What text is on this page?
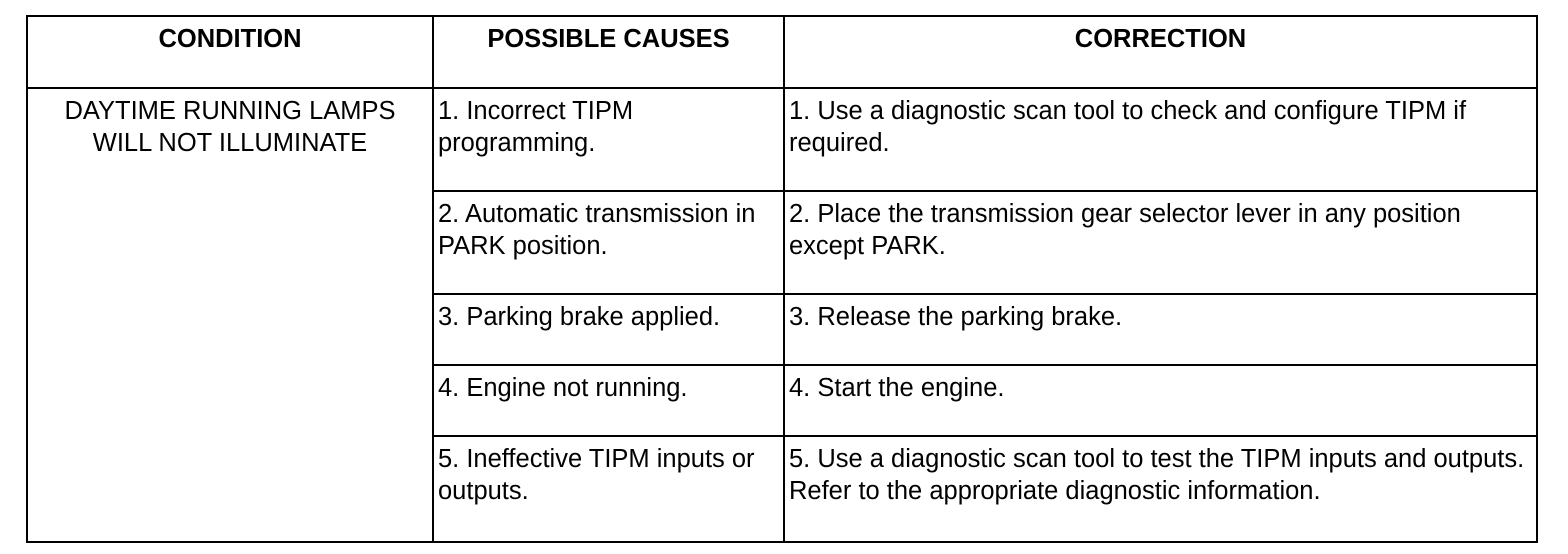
CONDITION	POSSIBLE CAUSES	CORRECTION
DAYTIME RUNNING LAMPS WILL NOT ILLUMINATE	1. Incorrect TIPM programming.	1. Use a diagnostic scan tool to check and configure TIPM if required.
	2. Automatic transmission in PARK position.	2. Place the transmission gear selector lever in any position except PARK.
	3. Parking brake applied.	3. Release the parking brake.
	4. Engine not running.	4. Start the engine.
	5. Ineffective TIPM inputs or outputs.	5. Use a diagnostic scan tool to test the TIPM inputs and outputs. Refer to the appropriate diagnostic information.
